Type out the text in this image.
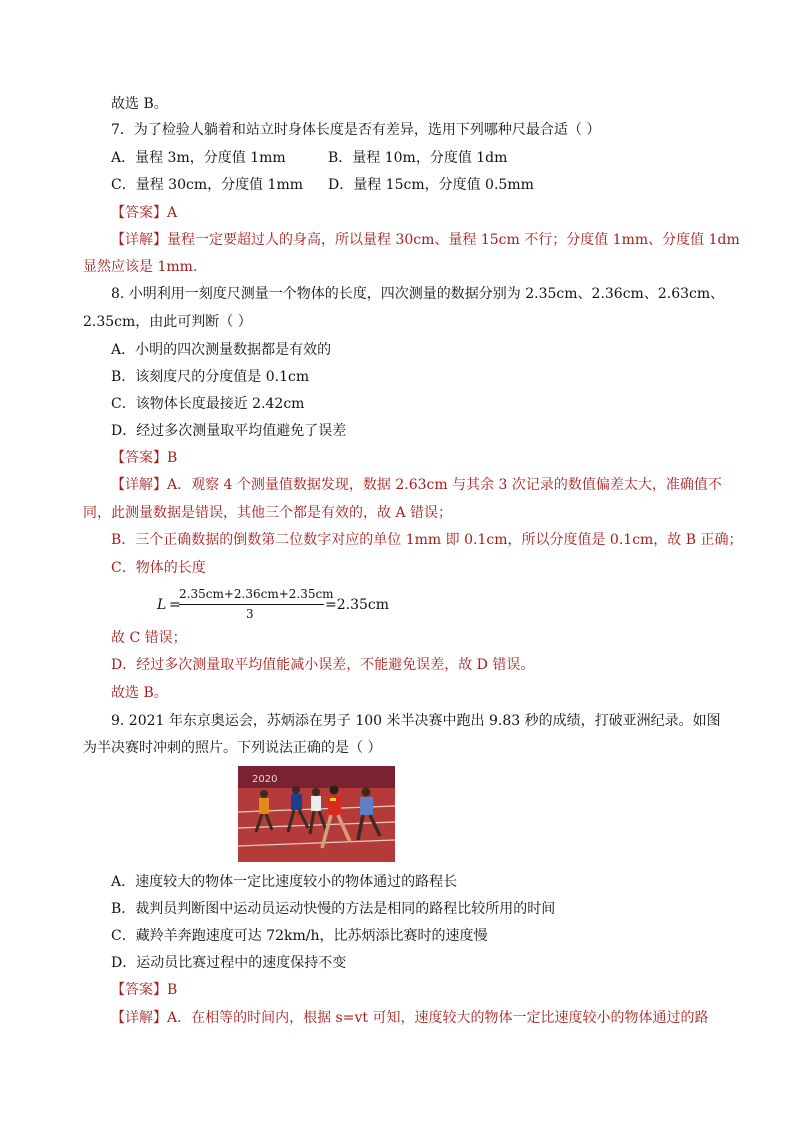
故选 B。
7．为了检验人躺着和站立时身体长度是否有差异，选用下列哪种尺最合适（ ）
A．量程 3m，分度值 1mm	B．量程 10m，分度值 1dm
C．量程 30cm，分度值 1mm D．量程 15cm，分度值 0.5mm
【答案】A
【详解】量程一定要超过人的身高，所以量程 30cm、量程 15cm 不行；分度值 1mm、分度值 1dm
显然应该是 1mm.
8. 小明利用一刻度尺测量一个物体的长度，四次测量的数据分别为 2.35cm、2.36cm、2.63cm、
2.35cm，由此可判断（ ）
A．小明的四次测量数据都是有效的
B．该刻度尺的分度值是 0.1cm
C．该物体长度最接近 2.42cm
D．经过多次测量取平均值避免了误差
【答案】B
【详解】A．观察 4 个测量值数据发现，数据 2.63cm 与其余 3 次记录的数值偏差太大，准确值不
同，此测量数据是错误，其他三个都是有效的，故 A 错误；
B．三个正确数据的倒数第二位数字对应的单位 1mm 即 0.1cm，所以分度值是 0.1cm，故 B 正确；
C．物体的长度
L =
2.35cm+2.36cm+2.35cm
3
=2.35cm
故 C 错误；
D．经过多次测量取平均值能减小误差，不能避免误差，故 D 错误。
故选 B。
9. 2021 年东京奥运会，苏炳添在男子 100 米半决赛中跑出 9.83 秒的成绩，打破亚洲纪录。如图
为半决赛时冲刺的照片。下列说法正确的是（ ）
2020
A．速度较大的物体一定比速度较小的物体通过的路程长
B．裁判员判断图中运动员运动快慢的方法是相同的路程比较所用的时间
C．藏羚羊奔跑速度可达 72km/h，比苏炳添比赛时的速度慢
D．运动员比赛过程中的速度保持不变
【答案】B
【详解】A．在相等的时间内，根据 s=vt 可知，速度较大的物体一定比速度较小的物体通过的路
